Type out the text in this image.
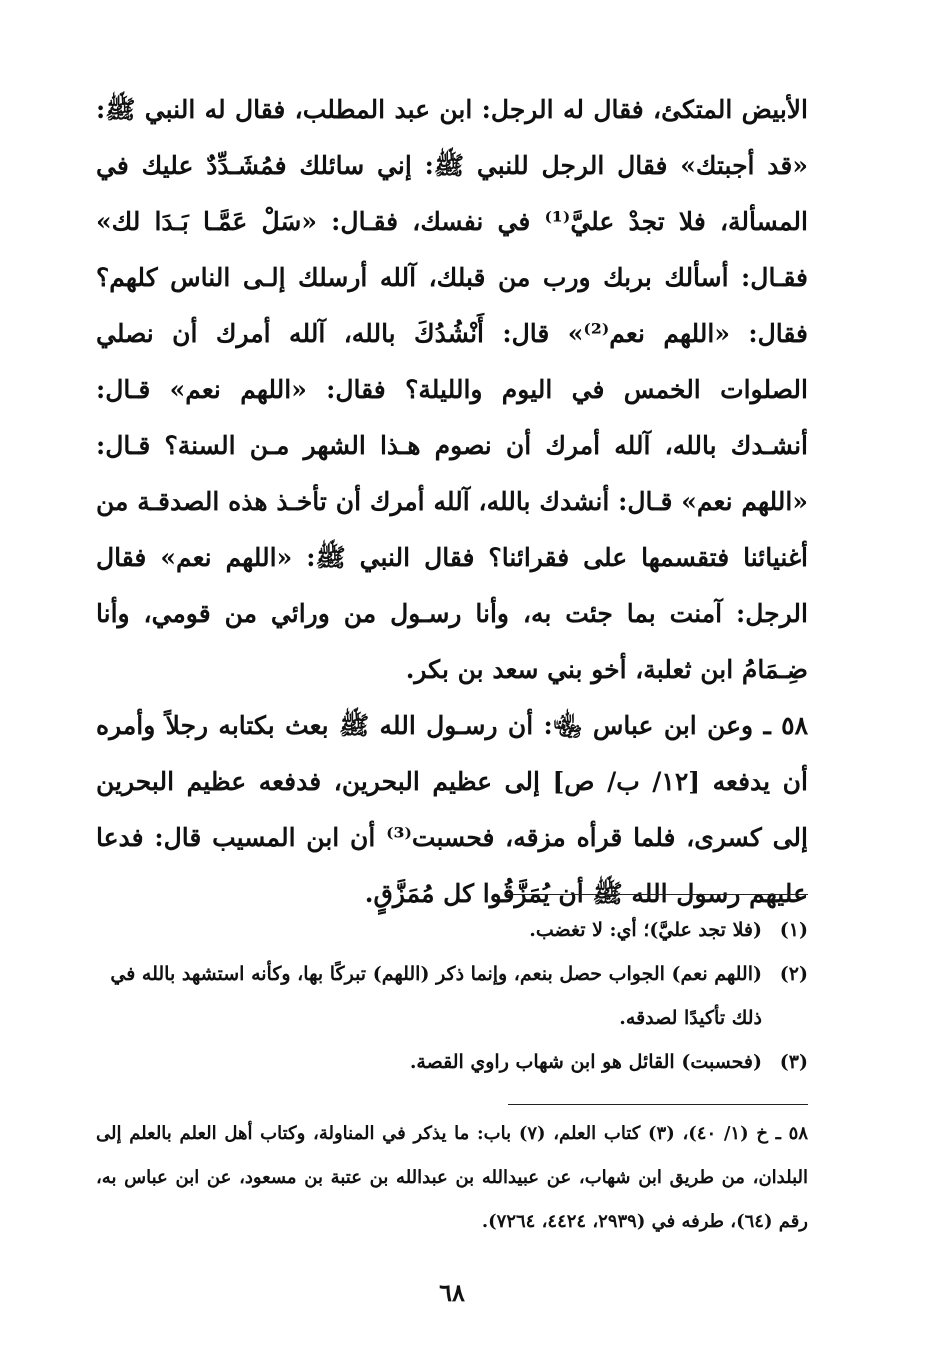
الأبيض المتكئ، فقال له الرجل: ابن عبد المطلب، فقال له النبي ﷺ: «قد أجبتك» فقال الرجل للنبي ﷺ: إني سائلك فمُشَـدِّدٌ عليك في المسألة، فلا تجدْ عليَّ⁽¹⁾ في نفسك، فقـال: «سَلْ عَمَّـا بَـدَا لك» فقـال: أسألك بربك ورب من قبلك، آلله أرسلك إلـى الناس كلهم؟ فقال: «اللهم نعم⁽²⁾» قال: أَنْشُدُكَ بالله، آلله أمرك أن نصلي الصلوات الخمس في اليوم والليلة؟ فقال: «اللهم نعم» قـال: أنشـدك بالله، آلله أمرك أن نصوم هـذا الشهر مـن السنة؟ قـال: «اللهم نعم» قـال: أنشدك بالله، آلله أمرك أن تأخـذ هذه الصدقـة من أغنيائنا فتقسمها على فقرائنا؟ فقال النبي ﷺ: «اللهم نعم» فقال الرجل: آمنت بما جئت به، وأنا رسـول من ورائي من قومي، وأنا ضِـمَامُ ابن ثعلبة، أخو بني سعد بن بكر.

٥٨ ـ وعن ابن عباس ﵄: أن رسـول الله ﷺ بعث بكتابه رجلاً وأمره أن يدفعه [١٢/ ب/ ص] إلى عظيم البحرين، فدفعه عظيم البحرين إلى كسرى، فلما قرأه مزقه، فحسبت⁽³⁾ أن ابن المسيب قال: فدعا عليهم رسول الله ﷺ أن يُمَزَّقُوا كل مُمَزَّقٍ.

(١)
(فلا تجد عليَّ)؛ أي: لا تغضب.
(٢)
(اللهم نعم) الجواب حصل بنعم، وإنما ذكر (اللهم) تبركًا بها، وكأنه استشهد بالله في ذلك تأكيدًا لصدقه.
(٣)
(فحسبت) القائل هو ابن شهاب راوي القصة.

٥٨ ـ خ (١/ ٤٠)، (٣) كتاب العلم، (٧) باب: ما يذكر في المناولة، وكتاب أهل العلم بالعلم إلى البلدان، من طريق ابن شهاب، عن عبيدالله بن عبدالله بن عتبة بن مسعود، عن ابن عباس به، رقم (٦٤)، طرفه في (٢٩٣٩، ٤٤٢٤، ٧٢٦٤).

٦٨
